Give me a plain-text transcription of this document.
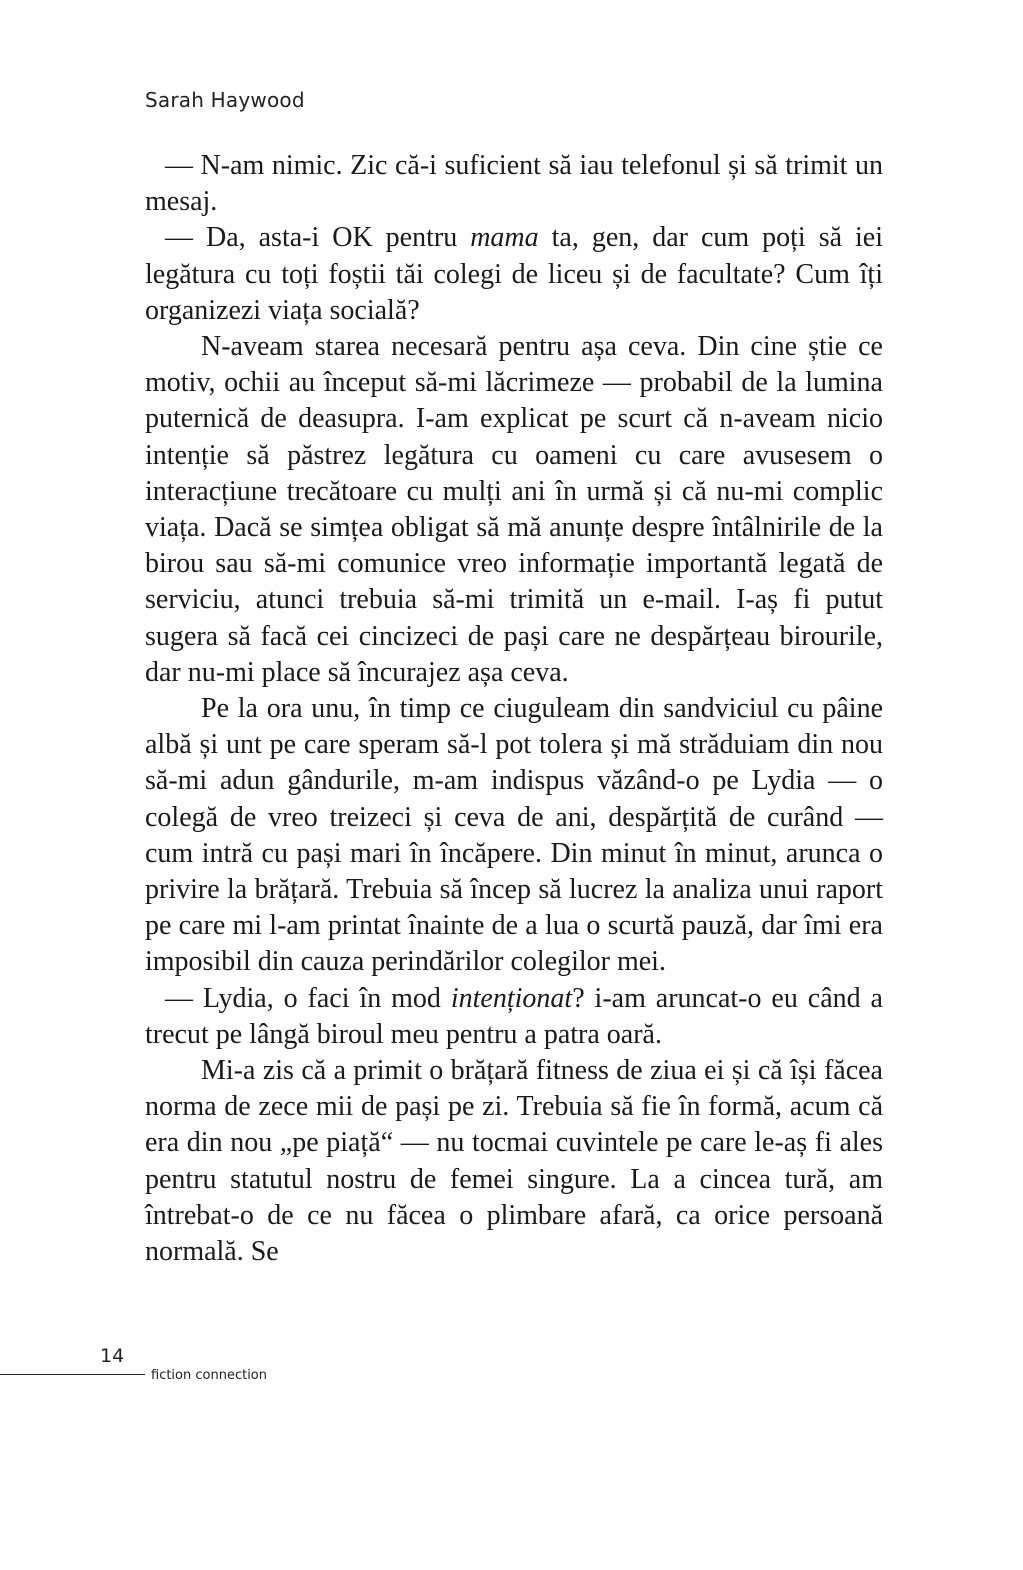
Sarah Haywood

— N-am nimic. Zic că-i suficient să iau telefonul și să trimit un mesaj.

— Da, asta-i OK pentru mama ta, gen, dar cum poți să iei legătura cu toți foștii tăi colegi de liceu și de facultate? Cum îți organizezi viața socială?

N-aveam starea necesară pentru așa ceva. Din cine știe ce motiv, ochii au început să-mi lăcrimeze — probabil de la lumina puternică de deasupra. I-am explicat pe scurt că n-aveam nicio intenție să păstrez legătura cu oameni cu care avusesem o interacțiune trecătoare cu mulți ani în urmă și că nu-mi complic viața. Dacă se simțea obligat să mă anunțe despre întâlnirile de la birou sau să-mi comunice vreo informație importantă legată de serviciu, atunci trebuia să-mi trimită un e-mail. I-aș fi putut sugera să facă cei cincizeci de pași care ne despărțeau birourile, dar nu-mi place să încurajez așa ceva.

Pe la ora unu, în timp ce ciuguleam din sandviciul cu pâine albă și unt pe care speram să-l pot tolera și mă străduiam din nou să-mi adun gândurile, m-am indispus văzând-o pe Lydia — o colegă de vreo treizeci și ceva de ani, despărțită de curând — cum intră cu pași mari în încăpere. Din minut în minut, arunca o privire la brățară. Trebuia să încep să lucrez la analiza unui raport pe care mi l-am printat înainte de a lua o scurtă pauză, dar îmi era imposibil din cauza perindărilor colegilor mei.

— Lydia, o faci în mod intenționat? i-am aruncat-o eu când a trecut pe lângă biroul meu pentru a patra oară.

Mi-a zis că a primit o brățară fitness de ziua ei și că își făcea norma de zece mii de pași pe zi. Trebuia să fie în formă, acum că era din nou „pe piață“ — nu tocmai cuvintele pe care le-aș fi ales pentru statutul nostru de femei singure. La a cincea tură, am întrebat-o de ce nu făcea o plimbare afară, ca orice persoană normală. Se

14
fiction connection
